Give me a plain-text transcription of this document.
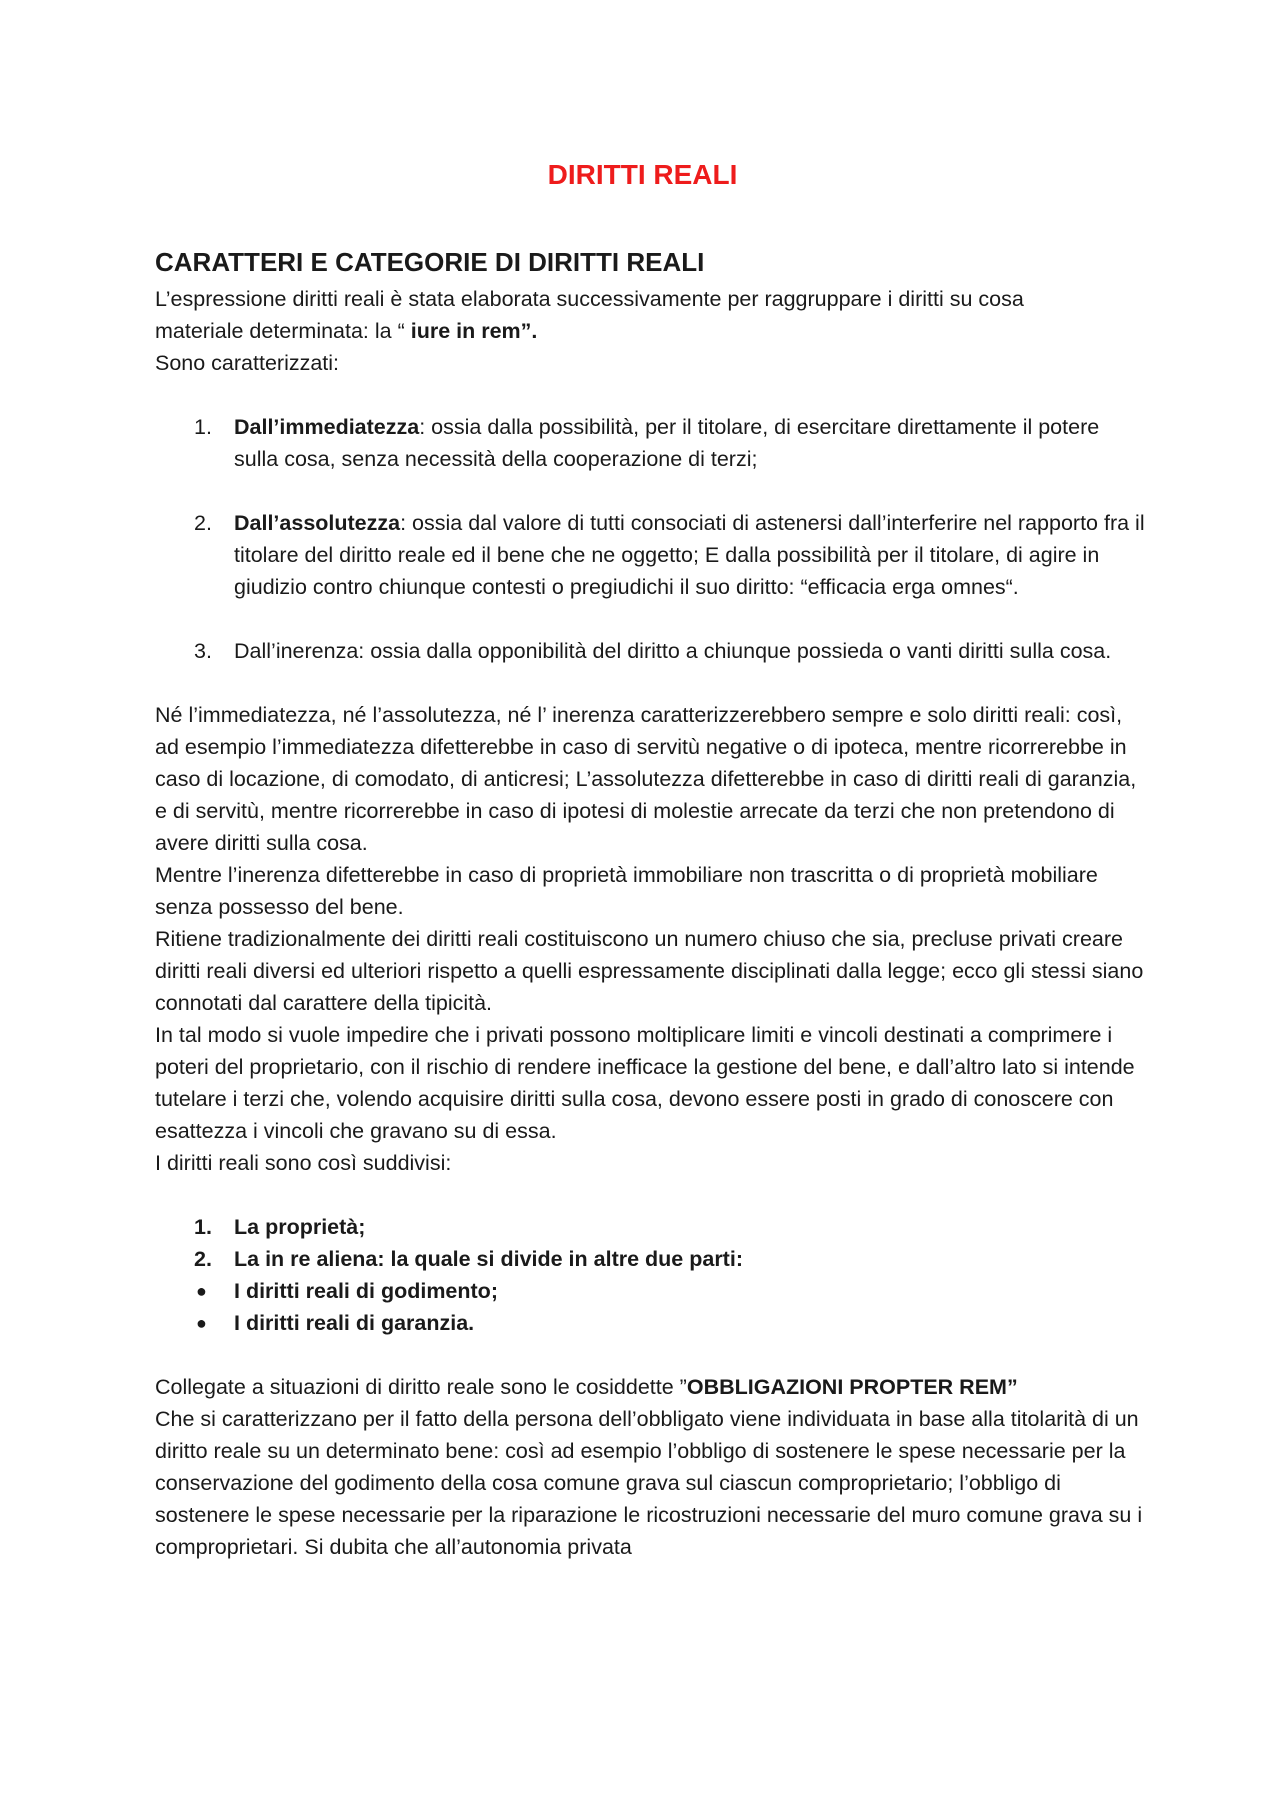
DIRITTI REALI
CARATTERI E CATEGORIE DI DIRITTI REALI

L’espressione diritti reali è stata elaborata successivamente per raggruppare i diritti su cosa
materiale determinata: la “ iure in rem”.
Sono caratterizzati:

1. Dall’immediatezza: ossia dalla possibilità, per il titolare, di esercitare direttamente il potere sulla cosa, senza necessità della cooperazione di terzi;
2. Dall’assolutezza: ossia dal valore di tutti consociati di astenersi dall’interferire nel rapporto fra il titolare del diritto reale ed il bene che ne oggetto; E dalla possibilità per il titolare, di agire in giudizio contro chiunque contesti o pregiudichi il suo diritto: “efficacia erga omnes“.
3. Dall’inerenza: ossia dalla opponibilità del diritto a chiunque possieda o vanti diritti sulla cosa.

Né l’immediatezza, né l’assolutezza, né l’ inerenza caratterizzerebbero sempre e solo diritti reali: così, ad esempio l’immediatezza difetterebbe in caso di servitù negative o di ipoteca, mentre ricorrerebbe in caso di locazione, di comodato, di anticresi; L’assolutezza difetterebbe in caso di diritti reali di garanzia, e di servitù, mentre ricorrerebbe in caso di ipotesi di molestie arrecate da terzi che non pretendono di avere diritti sulla cosa.

Mentre l’inerenza difetterebbe in caso di proprietà immobiliare non trascritta o di proprietà mobiliare senza possesso del bene.

Ritiene tradizionalmente dei diritti reali costituiscono un numero chiuso che sia, precluse privati creare diritti reali diversi ed ulteriori rispetto a quelli espressamente disciplinati dalla legge; ecco gli stessi siano connotati dal carattere della tipicità.

In tal modo si vuole impedire che i privati possono moltiplicare limiti e vincoli destinati a comprimere i poteri del proprietario, con il rischio di rendere inefficace la gestione del bene, e dall’altro lato si intende tutelare i terzi che, volendo acquisire diritti sulla cosa, devono essere posti in grado di conoscere con esattezza i vincoli che gravano su di essa.

I diritti reali sono così suddivisi:

1. La proprietà;
2. La in re aliena: la quale si divide in altre due parti:
● I diritti reali di godimento;
● I diritti reali di garanzia.

Collegate a situazioni di diritto reale sono le cosiddette ”OBBLIGAZIONI PROPTER REM”
Che si caratterizzano per il fatto della persona dell’obbligato viene individuata in base alla titolarità di un diritto reale su un determinato bene: così ad esempio l’obbligo di sostenere le spese necessarie per la conservazione del godimento della cosa comune grava sul ciascun comproprietario; l’obbligo di sostenere le spese necessarie per la riparazione le ricostruzioni necessarie del muro comune grava su i comproprietari. Si dubita che all’autonomia privata
